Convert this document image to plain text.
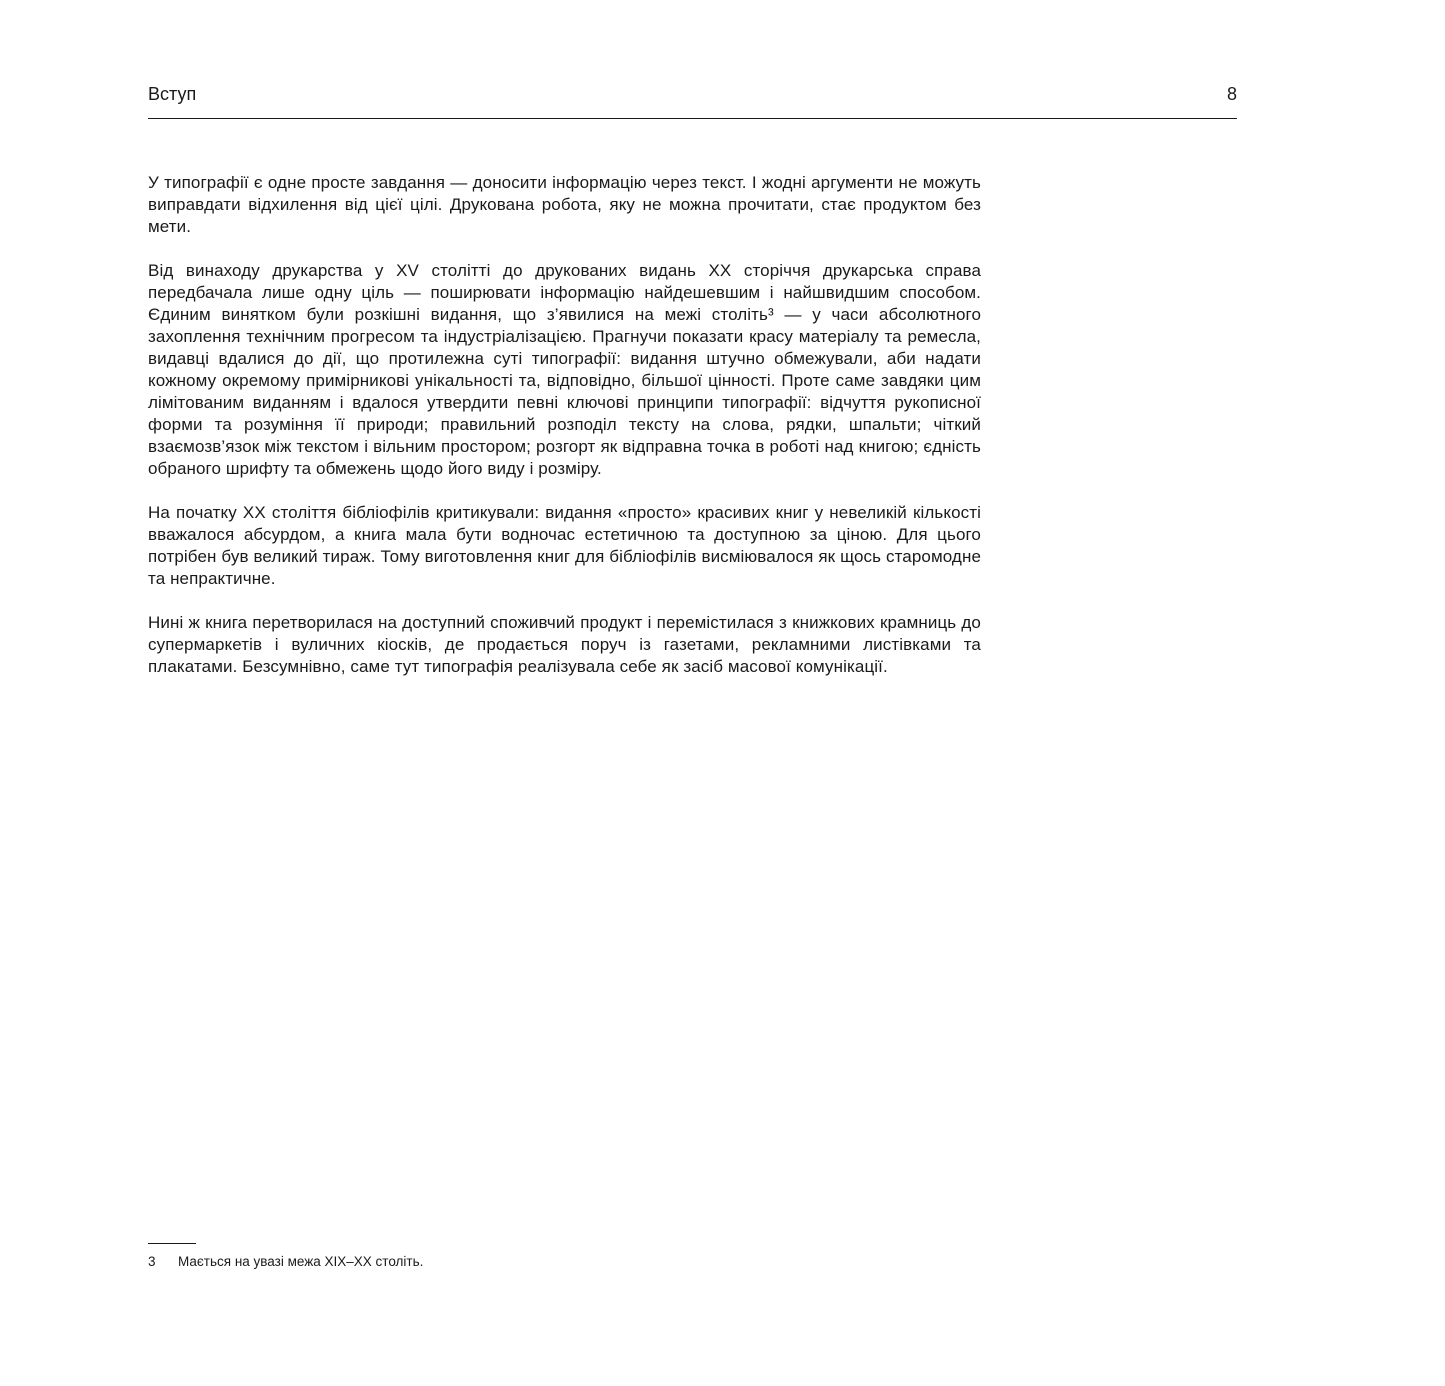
Вступ	8

У типографії є одне просте завдання — доносити інформацію через текст. І жодні аргументи не можуть виправдати відхилення від цієї цілі. Друкована робота, яку не можна прочитати, стає продуктом без мети.

Від винаходу друкарства у XV столітті до друкованих видань XX сторіччя друкарська справа передбачала лише одну ціль — поширювати інформацію найдешевшим і найшвидшим способом. Єдиним винятком були розкішні видання, що з’явилися на межі століть³ — у часи абсолютного захоплення технічним прогресом та індустріалізацією. Прагнучи показати красу матеріалу та ремесла, видавці вдалися до дії, що протилежна суті типографії: видання штучно обмежували, аби надати кожному окремому примірникові унікальності та, відповідно, більшої цінності. Проте саме завдяки цим лімітованим виданням і вдалося утвердити певні ключові принципи типографії: відчуття рукописної форми та розуміння її природи; правильний розподіл тексту на слова, рядки, шпальти; чіткий взаємозв’язок між текстом і вільним простором; розгорт як відправна точка в роботі над книгою; єдність обраного шрифту та обмежень щодо його виду і розміру.

На початку XX століття бібліофілів критикували: видання «просто» красивих книг у невеликій кількості вважалося абсурдом, а книга мала бути водночас естетичною та доступною за ціною. Для цього потрібен був великий тираж. Тому виготовлення книг для бібліофілів висміювалося як щось старомодне та непрактичне.

Нині ж книга перетворилася на доступний споживчий продукт і перемістилася з книжкових крамниць до супермаркетів і вуличних кіосків, де продається поруч із газетами, рекламними листівками та плакатами. Безсумнівно, саме тут типографія реалізувала себе як засіб масової комунікації.

3	Мається на увазі межа XIX–XX століть.
